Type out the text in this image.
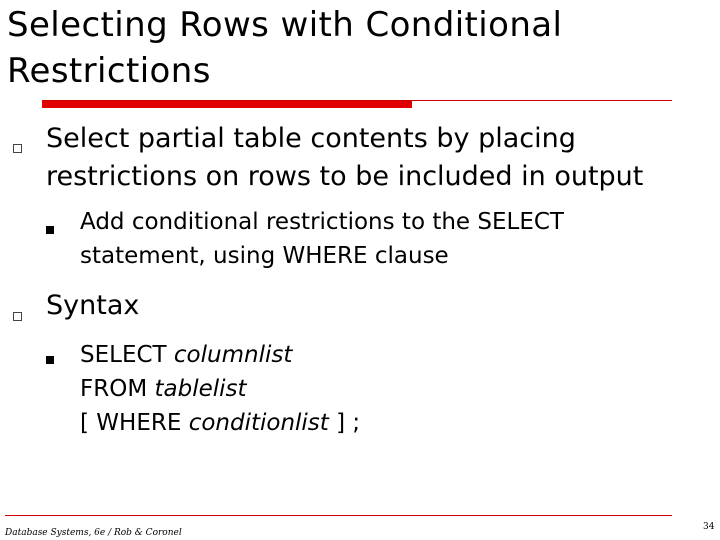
Selecting Rows with Conditional
Restrictions
Select partial table contents by placing
restrictions on rows to be included in output
Add conditional restrictions to the SELECT
statement, using WHERE clause
Syntax
SELECT columnlist
FROM tablelist
[ WHERE conditionlist ] ;
Database Systems, 6e / Rob & Coronel
34
